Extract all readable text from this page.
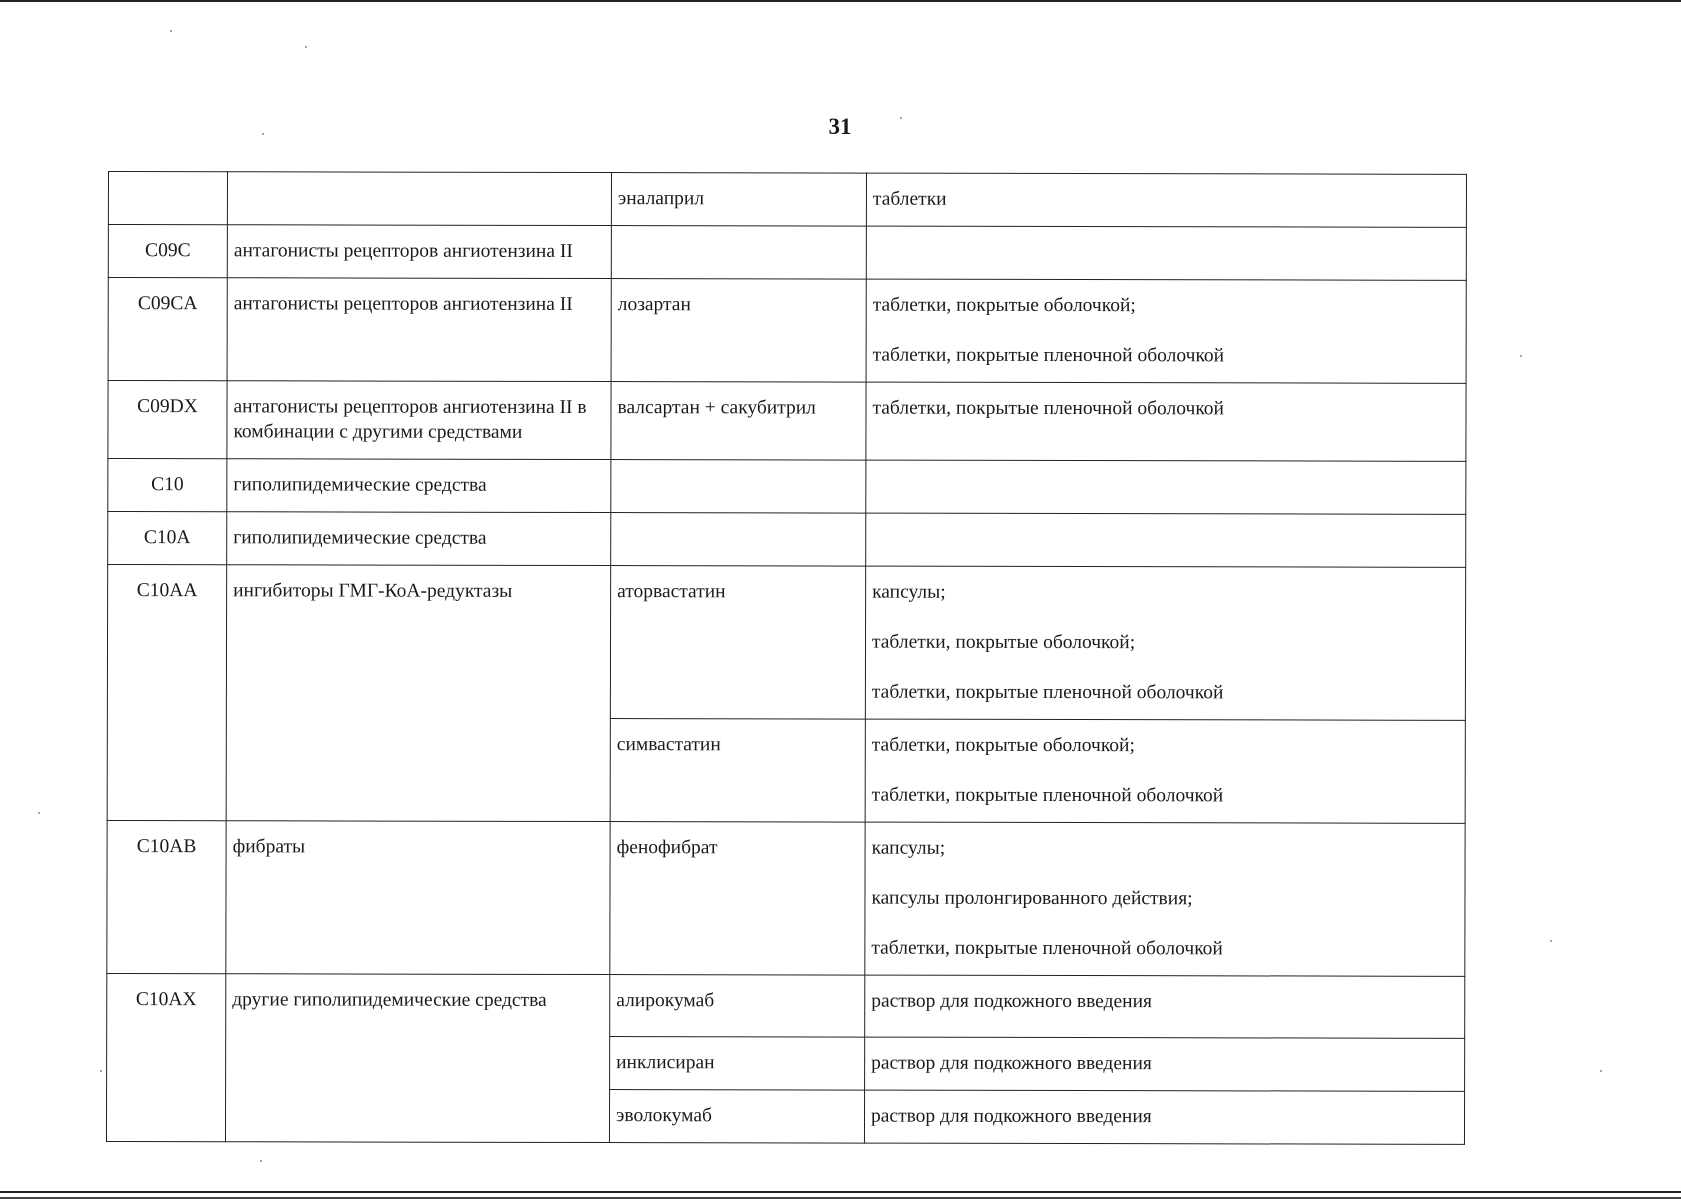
31
		эналаприл	таблетки

C09C	антагонисты рецепторов ангиотензина II		
C09CA	антагонисты рецепторов ангиотензина II	лозартан	таблетки, покрытые оболочкой;
таблетки, покрытые пленочной оболочкой

C09DX	антагонисты рецепторов ангиотензина II в комбинации с другими средствами	валсартан + сакубитрил	таблетки, покрытые пленочной оболочкой

C10	гиполипидемические средства		
C10A	гиполипидемические средства		
C10AA	ингибиторы ГМГ-КоА-редуктазы	аторвастатин	капсулы;
таблетки, покрытые оболочкой;
таблетки, покрытые пленочной оболочкой

		симвастатин	таблетки, покрытые оболочкой;
таблетки, покрытые пленочной оболочкой

C10AB	фибраты	фенофибрат	капсулы;
капсулы пролонгированного действия;
таблетки, покрытые пленочной оболочкой

C10AX	другие гиполипидемические средства	алирокумаб	раствор для подкожного введения

		инклисиран	раствор для подкожного введения

		эволокумаб	раствор для подкожного введения
